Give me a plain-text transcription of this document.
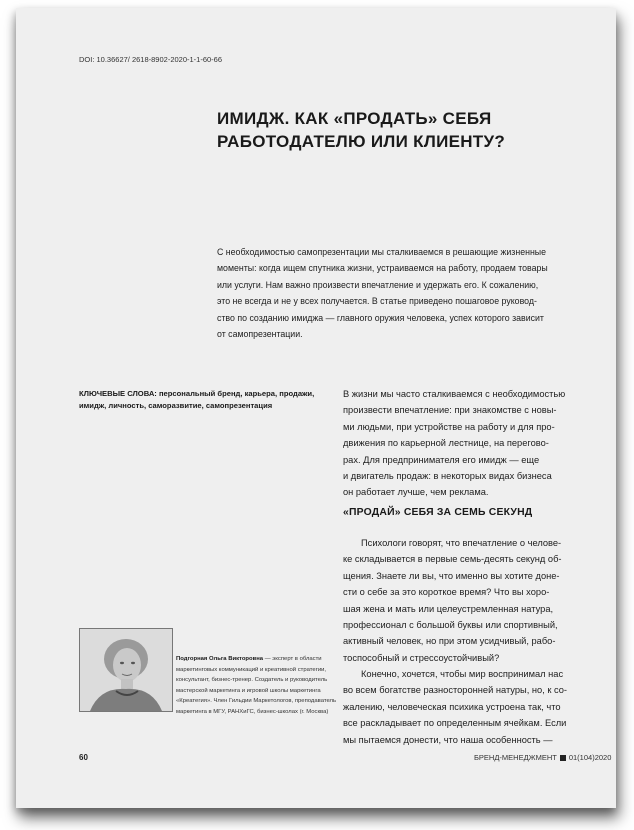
DOI: 10.36627/ 2618-8902-2020-1-1-60-66
ИМИДЖ. КАК «ПРОДАТЬ» СЕБЯ
РАБОТОДАТЕЛЮ ИЛИ КЛИЕНТУ?
С необходимостью самопрезентации мы сталкиваемся в решающие жизненные
моменты: когда ищем спутника жизни, устраиваемся на работу, продаем товары
или услуги. Нам важно произвести впечатление и удержать его. К сожалению,
это не всегда и не у всех получается. В статье приведено пошаговое руковод-
ство по созданию имиджа — главного оружия человека, успех которого зависит
от самопрезентации.
КЛЮЧЕВЫЕ СЛОВА: персональный бренд, карьера, продажи,
имидж, личность, саморазвитие, самопрезентация
В жизни мы часто сталкиваемся с необходимостью
произвести впечатление: при знакомстве с новы-
ми людьми, при устройстве на работу и для про-
движения по карьерной лестнице, на перегово-
рах. Для предпринимателя его имидж — еще
и двигатель продаж: в некоторых видах бизнеса
он работает лучше, чем реклама.
«ПРОДАЙ» СЕБЯ ЗА СЕМЬ СЕКУНД
Психологи говорят, что впечатление о челове-
ке складывается в первые семь-десять секунд об-
щения. Знаете ли вы, что именно вы хотите доне-
сти о себе за это короткое время? Что вы хоро-
шая жена и мать или целеустремленная натура,
профессионал с большой буквы или спортивный,
активный человек, но при этом усидчивый, рабо-
тоспособный и стрессоустойчивый?
Конечно, хочется, чтобы мир воспринимал нас
во всем богатстве разносторонней натуры, но, к со-
жалению, человеческая психика устроена так, что
все раскладывает по определенным ячейкам. Если
мы пытаемся донести, что наша особенность —
Подгорная Ольга Викторовна — эксперт в области
маркетинговых коммуникаций и креативной стратегии,
консультант, бизнес-тренер. Создатель и руководитель
мастерской маркетинга и игровой школы маркетинга
«Креатегия». Член Гильдии Маркетологов, преподаватель
маркетинга в МГУ, РАНХиГС, бизнес-школах (г. Москва)
60	БРЕНД-МЕНЕДЖМЕНТ 01(104)2020
